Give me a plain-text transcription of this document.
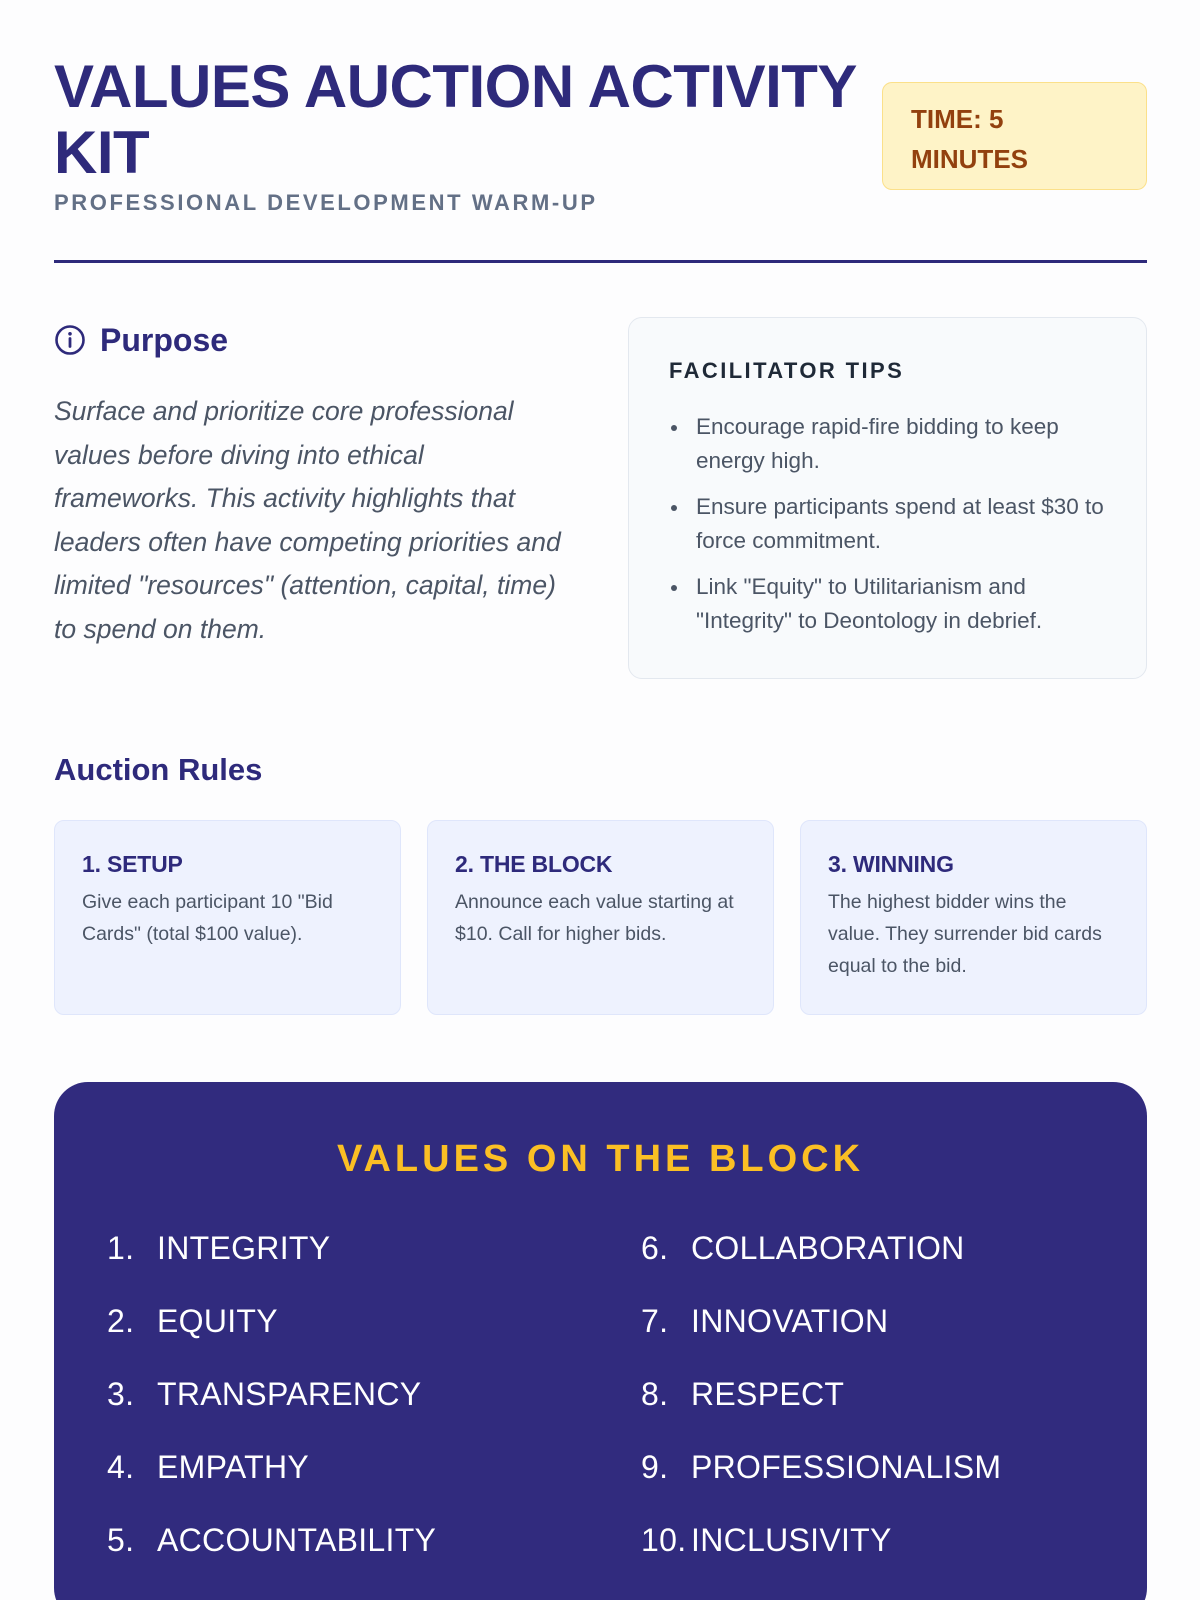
VALUES AUCTION ACTIVITY KIT
PROFESSIONAL DEVELOPMENT WARM-UP
TIME: 5 MINUTES
Purpose

Surface and prioritize core professional values before diving into ethical frameworks. This activity highlights that leaders often have competing priorities and limited "resources" (attention, capital, time) to spend on them.

FACILITATOR TIPS
Encourage rapid-fire bidding to keep energy high.
Ensure participants spend at least $30 to force commitment.
Link "Equity" to Utilitarianism and "Integrity" to Deontology in debrief.
Auction Rules
1. SETUP
Give each participant 10 "Bid Cards" (total $100 value).
2. THE BLOCK
Announce each value starting at $10. Call for higher bids.
3. WINNING
The highest bidder wins the value. They surrender bid cards equal to the bid.
VALUES ON THE BLOCK
1. INTEGRITY
2. EQUITY
3. TRANSPARENCY
4. EMPATHY
5. ACCOUNTABILITY
6. COLLABORATION
7. INNOVATION
8. RESPECT
9. PROFESSIONALISM
10. INCLUSIVITY
